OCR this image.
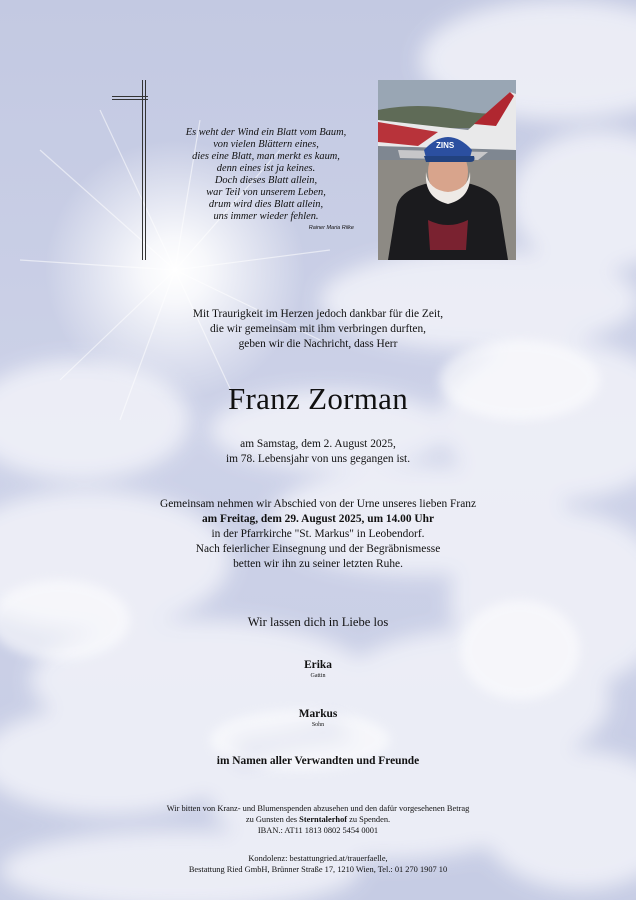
Es weht der Wind ein Blatt vom Baum,
von vielen Blättern eines,
dies eine Blatt, man merkt es kaum,
denn eines ist ja keines.
Doch dieses Blatt allein,
war Teil von unserem Leben,
drum wird dies Blatt allein,
uns immer wieder fehlen.
Rainer Maria Rilke
ZINS
Mit Traurigkeit im Herzen jedoch dankbar für die Zeit,
die wir gemeinsam mit ihm verbringen durften,
geben wir die Nachricht, dass Herr
Franz Zorman
am Samstag, dem 2. August 2025,
im 78. Lebensjahr von uns gegangen ist.
Gemeinsam nehmen wir Abschied von der Urne unseres lieben Franz
am Freitag, dem 29. August 2025, um 14.00 Uhr
in der Pfarrkirche "St. Markus" in Leobendorf.
Nach feierlicher Einsegnung und der Begräbnismesse
betten wir ihn zu seiner letzten Ruhe.
Wir lassen dich in Liebe los
Erika
Gattin
Markus
Sohn
im Namen aller Verwandten und Freunde
Wir bitten von Kranz- und Blumenspenden abzusehen und den dafür vorgesehenen Betrag
zu Gunsten des Sterntalerhof zu Spenden.
IBAN.: AT11 1813 0802 5454 0001
Kondolenz: bestattungried.at/trauerfaelle,
Bestattung Ried GmbH, Brünner Straße 17, 1210 Wien, Tel.: 01 270 1907 10
